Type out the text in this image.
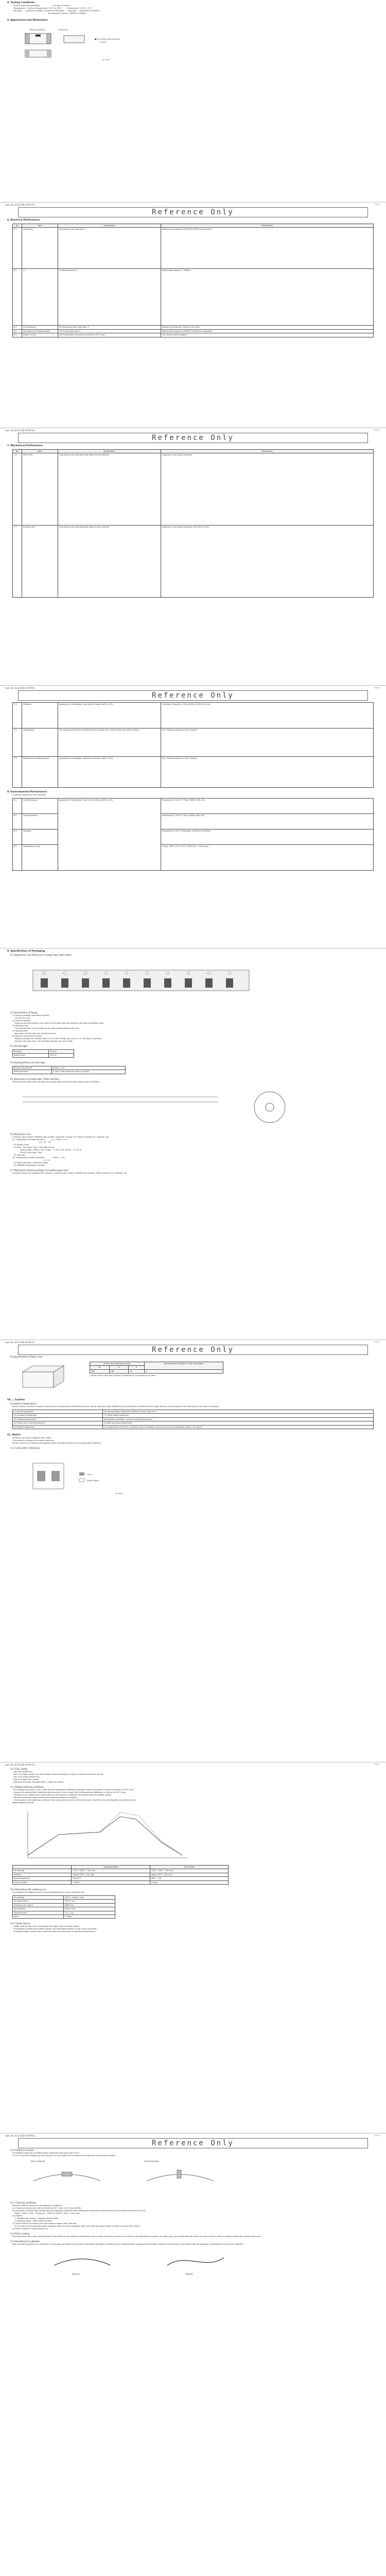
4. Testing Conditions
<Unless otherwise specified>                     <In case of doubt>
Temperature : Ordinary Temperature / 15°C to 35°C          Temperature : 20°C ± 2°C
Humidity    : Ordinary Humidity / 25%(RH) to 85%(RH)       Humidity    : 60%(RH) to 70%(RH)
Atmospheric Pressure : 86kPa to 106kPa
5. Appearance and Dimensions
Polarity Marking	Electrode
■ Unit Mass (Typical value)
0.007g
(in mm)
Spec No. JELF243B-0019P-01	P.2/11
Reference Only
6. Electrical Performance
No.	Item	Specification	Test Method
6.1	Inductance	Inductance shall meet item 3.	Measuring Equipment: KEYSIGHT E4991A or equivalent
6.2	Q	Q shall meet item 3.	Measuring Frequency : 100MHz
6.3	DC Resistance	DC Resistance shall meet item 3.	Measuring Equipment: Digital multi meter
6.4	Self Resonant Frequency(SRF)	S.R.F. shall meet item 3.	Measuring Equipment: KEYSIGHT N5230A or equivalent
6.5	Rated Current	Self temperature rise shall be limited to 25°C max.	The rated current is applied.
Spec No. JELF243B-0019P-01	P.3/11
Reference Only
7. Mechanical Performance
No.	Item	Specification	Test Method
7.1	Shear Test	Chip shall not be damaged after tested as test method.	Substrate: Glass-epoxy substrate
7.2	Bending Test	Chip shall not be damaged after tested as test method.	Substrate: Glass-epoxy substrate (100×40×1.0mm)
Spec No. JELF243B-0019P-01	P.4/11
Reference Only
7.3	Vibration	Appearance: No damage. Inductance Change: within ±10%	Oscillation Frequency: 10Hz to 55Hz to 10Hz for 1min
7.4	Solderability	The wetting area of the electrode shall be at least 90% covered with new solder coating.	Flux: Ethanol solution of rosin 25(wt)%
7.5	Resistance to Soldering Heat	Appearance: No damage. Inductance Change: within ±10%	Flux: Ethanol solution of rosin 25(wt)%
8. Environmental Performance
It shall be soldered on the substrate.
8.1	Heat Resistance	Appearance: No damage. Inductance Change: within ±10%	Temperature: 125±2°C Time: 1000h(+48h,-0h)
8.2	Cold Resistance		Temperature: -55±2°C Time: 1000h(+48h,-0h)
8.3	Humidity		Temperature: 40±2°C Humidity: 90%(RH) to 95%(RH)
8.4	Temperature Cycle		1 step: -55°C (+0°C,-3°C) / 30±3 min ... 100 cycles
9. Specification of Packaging
9.1 Appearance and Dimensions of paper tape (8mm-wide)
9.2 Specification of Taping
(1) Packing quantity (standard quantity)
10,000 pcs / reel
(2) Packing Method
Products shall be packed in the cavity of the base tape and sealed by top tape and bottom tape.
(3) Sprocket Hole
The sprocket hole is to the right as the tape is pulled toward the user.
(4) Spliced point
Base tape and Top tape has no spliced point.
(5) Missing components number
Missing components number within 0.1% of the number per reel or 1 pc, whichever is greater,
and are not continuous. The specified quantity per reel is kept.
9.3 Pull Strength
Top tape	5N min.
Bottom tape	5N min.
9.4 Peeling off force of cover tape
Speed of Peeling off	300mm / min
Peeling off force	0.1N to 0.6N (minimum value is typical)
9.5 Dimensions of Leader-tape, Trailer and Reel
There shall be leader-tape (top tape and empty tape) and trailer-tape (empty tape) as follows.
9.6 Marking for reel
Customer part number, MURATA part number, Inspection number (*1), RoHS marking (*2), Quantity, etc.
*1) <Expression of Inspection No.>          □□  OOOO  ×××
(1)   (2)    (3)
(1) Factory Code
(2) Date   First digit : Year / Last digit of year
Second digit : Month / Jan. to Sep. → 1 to 9, Oct. to Dec. → O, N, D
Third, Fourth digit : Day
(3) Serial No.
*2) <Expression of RoHS marking>             ROHS - Y  (Δ)
(1)  (2)
(1) RoHS regulation conformity parts.
(2) MURATA classification number
9.7 Marking for Outside package (corrugated paper box)
Customer name, Purchasing order number, Customer part number, MURATA part number, RoHS marking (*2), Quantity, etc.
Spec No. JELF243B-0019P-01	P.5/11
Reference Only
9.8 Specification of Outer Case
Outer Case Dimensions (mm)			Standard Reel Quantity in Outer Case (Reel)
W	D	H	
186	186	93	5
* Above Outer Case size is typical. It depends on a quantity of an order.
10. △ Caution
Limitation of Applications
Please contact us before using our products for the applications listed below which require especially high reliability for the prevention of defects which might directly cause damage to the third party's life, body or property.
(1) Aircraft equipment	(6) Transportation equipment (vehicles, trains, ships, etc.)
(2) Aerospace equipment	(7) Traffic signal equipment
(3) Undersea equipment	(8) Disaster prevention / crime prevention equipment
(4) Power plant control equipment	(9) Data-processing equipment
(5) Medical equipment	(10) Applications of similar complexity and /or reliability requirements to the applications listed in the above
11. Notice
Products can only be soldered with reflow.
This product is designed for solder mounting.
Please consult us in advance for applying other mounting method such as conductive adhesive.
11.1 Land pattern designing
Land
Solder Resist
(in mm)
Spec No. JELF243B-0019P-01	P.6/11
11.2 Flux, Solder
· Use rosin-based flux.
Don't use highly acidic flux (with halide content exceeding 0.2(wt)% (chlorine conversion value)).
Don't use water-soluble flux.
· Use Sn-3.0Ag-0.5Cu solder.
· Standard thickness of solder paste : 100μm to 150μm.
11.3 Reflow soldering conditions
· Pre-heating should be in such a way that the temperature difference between solder and product surface is limited to 150°C max.
Cooling into solvent after soldering also should be in such a way that the temperature difference is limited to 100°C max.
Insufficient pre-heating may cause cracks on the product, resulting in the deterioration of product quality.
· Standard soldering profile and the limit soldering profile is as follows.
The excessive limit soldering conditions may cause leaching of the electrode and/or resulting in the deterioration of product quality.
Reflow soldering profile
	Standard Profile	Limit Profile
Pre-heating	150°C~180°C , 90s±30s	150°C~180°C , 90s±30s
Heating	above 220°C , 30s~60s	above 230°C , 60s max.
Peak temperature	245±3°C	260°C , 10s
Cycle of reflow	2 times	2 times
11.4 Reworking with soldering iron
The following conditions must be strictly followed when using a soldering iron.
Pre-heating	150°C , approx. 1min
Tip temperature	350°C max.
Soldering iron output	80W max.
Tip diameter	φ3mm max.
Soldering time	3(+1,-0)s
Time	2 times
11.5 Solder Volume
· Solder shall be used not to be exceed the upper limits as shown below.
· Accordingly increasing the solder volume, the mechanical stress to Chip is also increased.
Exceeding solder volume may cause the failure of mechanical or electrical performance.
Spec No. JELF243B-0019P-01	P.7/11
Reference Only
11.6 Product's location
The following shall be considered when designing and laying out P.C.B.'s.
(1) P.C.B. shall be designed so that products are not subject to the mechanical stress due to warping the board.
[Poor example]	[Good example]
11.7 Cleaning Conditions
Products shall be cleaned on the following conditions.
(1) Cleaning temperature shall be limited to 60°C max. (40°C max for IPA.)
(2) Ultrasonic cleaning shall comply with the following conditions with avoiding the resonance phenomenon at the mounted products and P.C.B.
Power : 20W / l max.   Frequency : 28kHz to 40kHz   Time : 5 min max.
(3) Cleaner
1. Alcohol type cleaner : Isopropyl alcohol (IPA)
2. Aqueous agent : PINE ALPHA ST-100S
(4) There shall be no residual flux and residual cleaner after cleaning.
In the case of using aqueous agent, products shall be dried completely after rinse with de-ionized water in order to remove the cleaner.
(5) Other cleaning : Please contact us.
11.8 Resin coating
The inductance value may change and/or it may affect on the product's performance due to high cure-stress of resin to be used for coating/molding products. So please pay your careful attention when you select resin in case of coating/molding the products with resin.
11.9 Handling of a substrate
After mounting products on a substrate, do not apply any stress to the product caused by bending or twisting to the substrate when cropping the substrate, inserting and removing a connector from the substrate or tightening screw to the substrate.
Bending	Twisting
